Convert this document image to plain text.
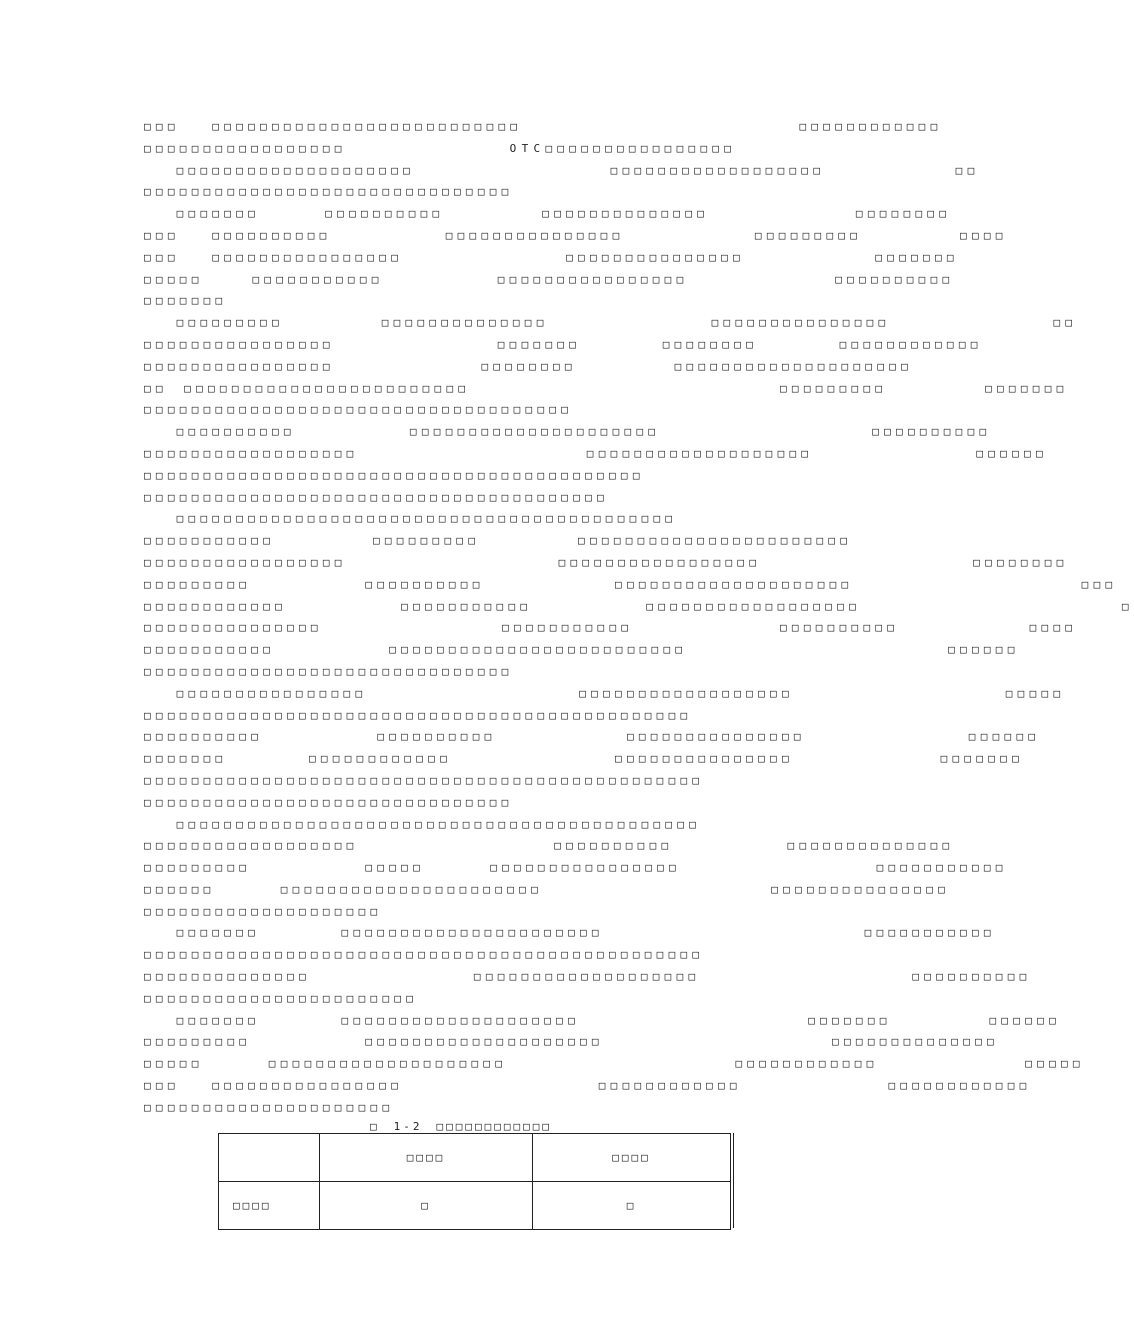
□□□　　□□□□□□□□□□□□□□□□□□□□□□□□□□　　　　　　　　　　　　　　　　　□□□□□□□□□□□□
□□□□□□□□□□□□□□□□□　　　　　　　　　　OTC□□□□□□□□□□□□□□□□
　　□□□□□□□□□□□□□□□□□□□□　　　　　　　　　　　　□□□□□□□□□□□□□□□□□□　　　　　　　　□□
□□□□□□□□□□□□□□□□□□□□□□□□□□□□□□□
　　□□□□□□□　　　　□□□□□□□□□□　　　　　　□□□□□□□□□□□□□□　　　　　　　　　□□□□□□□□
□□□　　□□□□□□□□□□　　　　　　　□□□□□□□□□□□□□□□　　　　　　　　□□□□□□□□□　　　　　　□□□□
□□□　　□□□□□□□□□□□□□□□□　　　　　　　　　　□□□□□□□□□□□□□□□　　　　　　　　□□□□□□□
□□□□□　　　□□□□□□□□□□□　　　　　　　□□□□□□□□□□□□□□□□　　　　　　　　　□□□□□□□□□□
□□□□□□□
　　□□□□□□□□□　　　　　　□□□□□□□□□□□□□□　　　　　　　　　　□□□□□□□□□□□□□□□　　　　　　　　　　□□
□□□□□□□□□□□□□□□□　　　　　　　　　　□□□□□□□　　　　　□□□□□□□□　　　　　□□□□□□□□□□□□
□□□□□□□□□□□□□□□□　　　　　　　　　□□□□□□□□　　　　　　□□□□□□□□□□□□□□□□□□□□
□□　□□□□□□□□□□□□□□□□□□□□□□□□　　　　　　　　　　　　　　　　　　　□□□□□□□□□　　　　　　□□□□□□□
□□□□□□□□□□□□□□□□□□□□□□□□□□□□□□□□□□□□
　　□□□□□□□□□□　　　　　　　□□□□□□□□□□□□□□□□□□□□□　　　　　　　　　　　　　□□□□□□□□□□
□□□□□□□□□□□□□□□□□□　　　　　　　　　　　　　　□□□□□□□□□□□□□□□□□□□　　　　　　　　　　□□□□□□
□□□□□□□□□□□□□□□□□□□□□□□□□□□□□□□□□□□□□□□□□□
□□□□□□□□□□□□□□□□□□□□□□□□□□□□□□□□□□□□□□□
　　□□□□□□□□□□□□□□□□□□□□□□□□□□□□□□□□□□□□□□□□□□
□□□□□□□□□□□　　　　　　□□□□□□□□□　　　　　　□□□□□□□□□□□□□□□□□□□□□□□
□□□□□□□□□□□□□□□□□　　　　　　　　　　　　　□□□□□□□□□□□□□□□□□　　　　　　　　　　　　　□□□□□□□□
□□□□□□□□□　　　　　　　□□□□□□□□□□　　　　　　　　□□□□□□□□□□□□□□□□□□□□　　　　　　　　　　　　　　□□□
□□□□□□□□□□□□　　　　　　　□□□□□□□□□□□　　　　　　　□□□□□□□□□□□□□□□□□□　　　　　　　　　　　　　　　　□
□□□□□□□□□□□□□□□　　　　　　　　　　　□□□□□□□□□□□　　　　　　　　　□□□□□□□□□□　　　　　　　　□□□□
□□□□□□□□□□□　　　　　　　□□□□□□□□□□□□□□□□□□□□□□□□□　　　　　　　　　　　　　　　　□□□□□□
□□□□□□□□□□□□□□□□□□□□□□□□□□□□□□□
　　□□□□□□□□□□□□□□□□　　　　　　　　　　　　　□□□□□□□□□□□□□□□□□□　　　　　　　　　　　　　□□□□□
□□□□□□□□□□□□□□□□□□□□□□□□□□□□□□□□□□□□□□□□□□□□□□
□□□□□□□□□□　　　　　　　□□□□□□□□□□　　　　　　　　□□□□□□□□□□□□□□□　　　　　　　　　　□□□□□□
□□□□□□□　　　　　□□□□□□□□□□□□　　　　　　　　　　□□□□□□□□□□□□□□□　　　　　　　　　□□□□□□□
□□□□□□□□□□□□□□□□□□□□□□□□□□□□□□□□□□□□□□□□□□□□□□□
□□□□□□□□□□□□□□□□□□□□□□□□□□□□□□□
　　□□□□□□□□□□□□□□□□□□□□□□□□□□□□□□□□□□□□□□□□□□□□
□□□□□□□□□□□□□□□□□□　　　　　　　　　　　　□□□□□□□□□□　　　　　　　□□□□□□□□□□□□□□
□□□□□□□□□　　　　　　　□□□□□　　　　□□□□□□□□□□□□□□□□　　　　　　　　　　　　□□□□□□□□□□□
□□□□□□　　　　□□□□□□□□□□□□□□□□□□□□□□　　　　　　　　　　　　　　□□□□□□□□□□□□□□□
□□□□□□□□□□□□□□□□□□□□
　　□□□□□□□　　　　　□□□□□□□□□□□□□□□□□□□□□□　　　　　　　　　　　　　　　　□□□□□□□□□□□
□□□□□□□□□□□□□□□□□□□□□□□□□□□□□□□□□□□□□□□□□□□□□□□
□□□□□□□□□□□□□□　　　　　　　　　　□□□□□□□□□□□□□□□□□□□　　　　　　　　　　　　　□□□□□□□□□□
□□□□□□□□□□□□□□□□□□□□□□□
　　□□□□□□□　　　　　□□□□□□□□□□□□□□□□□□□□　　　　　　　　　　　　　　□□□□□□□　　　　　　□□□□□□
□□□□□□□□□　　　　　　　□□□□□□□□□□□□□□□□□□□□　　　　　　　　　　　　　　□□□□□□□□□□□□□□
□□□□□　　　　□□□□□□□□□□□□□□□□□□□□　　　　　　　　　　　　　　□□□□□□□□□□□□　　　　　　　　　□□□□□
□□□　　□□□□□□□□□□□□□□□□　　　　　　　　　　　　□□□□□□□□□□□□　　　　　　　　　□□□□□□□□□□□□
□□□□□□□□□□□□□□□□□□□□□
□　1-2　□□□□□□□□□□□□
	□□□□	□□□□
□□□□	□	□
